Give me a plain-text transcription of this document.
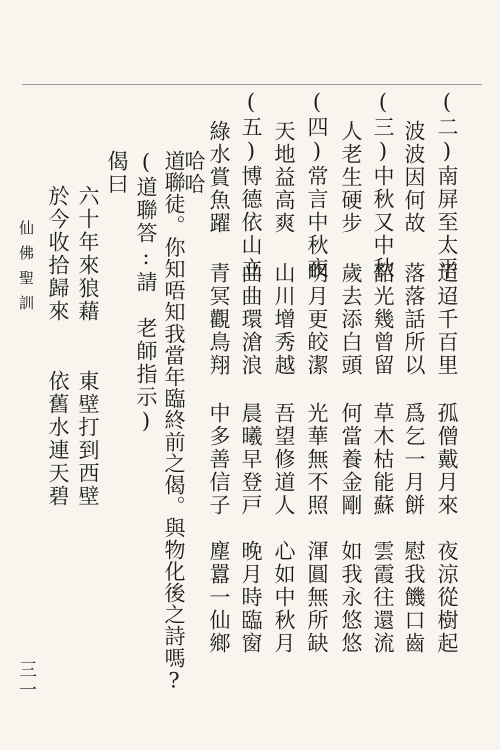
(二)南屏至太平
迢迢千百里
孤僧戴月來
夜涼從樹起
波波因何故
落落話所以
爲乞一月餅
慰我饑口齒
(三)中秋又中秋
韶光幾曾留
草木枯能蘇
雲霞往還流
人老生硬步
歲去添白頭
何當養金剛
如我永悠悠
(四)常言中秋夜
明月更皎潔
光華無不照
渾圓無所缺
天地益高爽
山川增秀越
吾望修道人
心如中秋月
(五)博德依山立
曲曲環滄浪
晨曦早登戸
晚月時臨窗
綠水賞魚躍
青冥觀鳥翔
中多善信子
塵囂一仙鄉
哈哈
道聯徒。你知唔知我當年臨終前之偈。與物化後之詩嗎?
(道聯答:請　老師指示)
偈曰
六十年來狼藉
東壁打到西壁
於今收拾歸來
依舊水連天碧
仙佛聖訓
三一
